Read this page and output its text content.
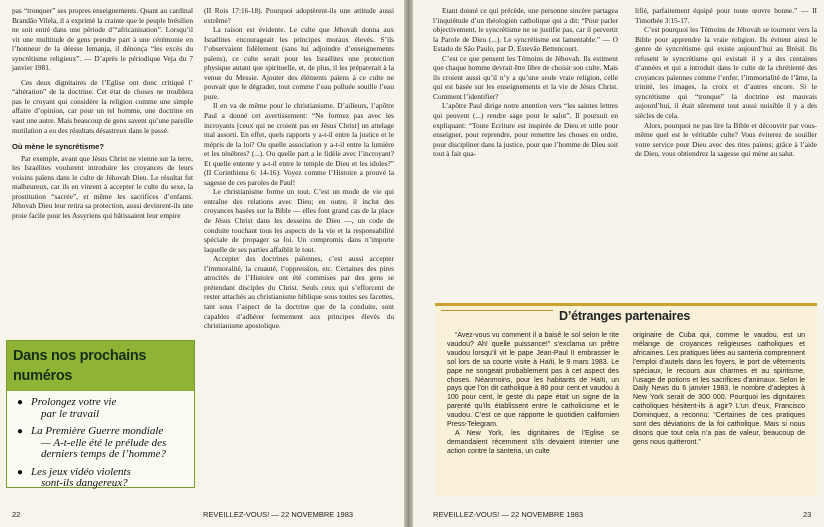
pas “tronquer” ses propres enseignements. Quant au cardinal Brandão Vilela, il a exprimé la crainte que le peuple brésilien ne soit entré dans une période d’“africanisation”. Lorsqu’il vit une multitude de gens prendre part à une cérémonie en l’honneur de la déesse Iemanja, il dénonça “les excès du syncrétisme religieux”. — D’après le périodique Veja du 7 janvier 1981.

Ces deux dignitaires de l’Eglise ont donc critiqué l’ “altération” de la doctrine. Cet état de choses ne troublera pas le croyant qui considère la religion comme une simple affaire d’opinion, car pour un tel homme, une doctrine en vaut une autre. Mais beaucoup de gens savent qu’une pareille mutilation a eu des résultats désastreux dans le passé.

Où mène le syncrétisme?

Par exemple, avant que Jésus Christ ne vienne sur la terre, les Israélites voulurent introduire les croyances de leurs voisins païens dans le culte de Jéhovah Dieu. Le résultat fut malheureux, car ils en vinrent à accepter le culte du sexe, la prostitution “sacrée”, et même les sacrifices d’enfants. Jéhovah Dieu leur retira sa protection, aussi devinrent-ils une proie facile pour les Assyriens qui bâtissaient leur empire

(II Rois 17:16-18). Pourquoi adoptèrent-ils une attitude aussi extrême?

La raison est évidente. Le culte que Jéhovah donna aux Israélites encourageait les principes moraux élevés. S’ils l’observaient fidèlement (sans lui adjoindre d’enseignements païens), ce culte serait pour les Israélites une protection physique autant que spirituelle, et, de plus, il les préparerait à la venue du Messie. Ajouter des éléments païens à ce culte ne pouvait que le dégrader, tout comme l’eau polluée souille l’eau pure.

Il en va de même pour le christianisme. D’ailleurs, l’apôtre Paul a donné cet avertissement: “Ne formez pas avec les incroyants [ceux qui ne croient pas en Jésus Christ] un attelage mal assorti. En effet, quels rapports y a-t-il entre la justice et le mépris de la loi? Ou quelle association y a-t-il entre la lumière et les ténèbres? (...). Ou quelle part a le fidèle avec l’incroyant? Et quelle entente y a-t-il entre le temple de Dieu et les idoles?” (II Corinthiens 6: 14-16). Voyez comme l’Histoire a prouvé la sagesse de ces paroles de Paul!

Le christianisme forme un tout. C’est un mode de vie qui entraîne des relations avec Dieu; en outre, il inclut des croyances basées sur la Bible — elles font grand cas de la place de Jésus Christ dans les desseins de Dieu —, un code de conduite touchant tous les aspects de la vie et la responsabilité spéciale de propager sa foi. Un compromis dans n’importe laquelle de ses parties affaiblit le tout.

Accepter des doctrines païennes, c’est aussi accepter l’immoralité, la cruauté, l’oppression, etc. Certaines des pires atrocités de l’Histoire ont été commises par des gens se prétendant disciples du Christ. Seuls ceux qui s’efforcent de rester attachés au christianisme biblique sous toutes ses facettes, tant sous l’aspect de la doctrine que de la conduite, sont capables d’adhérer fermement aux principes élevés du christianisme apostolique.

Dans nos prochains numéros
● Prolongez votre vie
par le travail
● La Première Guerre mondiale
— A-t-elle été le prélude des derniers temps de l’homme?
● Les jeux vidéo violents
sont-ils dangereux?
22	REVEILLEZ-VOUS! — 22 NOVEMBRE 1983

Etant donné ce qui précède, une personne sincère partagea l’inquiétude d’un théologien catholique qui a dit: “Pour parler objectivement, le syncrétisme ne se justifie pas, car il pervertit la Parole de Dieu (...). Le syncrétisme est lamentable.” — O Estado de São Paulo, par D. Estevão Bettencourt.

C’est ce que pensent les Témoins de Jéhovah. Ils estiment que chaque homme devrait être libre de choisir son culte. Mais ils croient aussi qu’il n’y a qu’une seule vraie religion, celle qui est basée sur les enseignements et la vie de Jésus Christ. Comment l’identifier?

L’apôtre Paul dirige notre attention vers “les saintes lettres qui peuvent (...) rendre sage pour le salut”. Il poursuit en expliquant: “Toute Ecriture est inspirée de Dieu et utile pour enseigner, pour reprendre, pour remettre les choses en ordre, pour discipliner dans la justice, pour que l’homme de Dieu soit tout à fait qua-

lifié, parfaitement équipé pour toute œuvre bonne.” — II Timothée 3:15-17.

C’est pourquoi les Témoins de Jéhovah se tournent vers la Bible pour apprendre la vraie religion. Ils évitent ainsi le genre de syncrétisme qui existe aujourd’hui au Brésil. Ils refusent le syncrétisme qui existait il y a des centaines d’années et qui a introduit dans le culte de la chrétienté des croyances païennes comme l’enfer, l’immortalité de l’âme, la trinité, les images, la croix et d’autres encore. Si le syncrétisme qui “tronque” la doctrine est mauvais aujourd’hui, il était sûrement tout aussi nuisible il y a des siècles de cela.

Alors, pourquoi ne pas lire la Bible et découvrir par vous-même quel est le véritable culte? Vous éviterez de souiller votre service pour Dieu avec des rites païens; grâce à l’aide de Dieu, vous obtiendrez la sagesse qui mène au salut.

D’étranges partenaires

“Avez-vous vu comment il a baisé le sol selon le rite vaudou? Ah! quelle puissance!” s’exclama un prêtre vaudou lorsqu’il vit le pape Jean-Paul II embrasser le sol lors de sa courte visite à Haïti, le 9 mars 1983. Le pape ne songeait probablement pas à cet aspect des choses. Néanmoins, pour les habitants de Haïti, un pays que l’on dit catholique à 80 pour cent et vaudou à 100 pour cent, le geste du pape était un signe de la parenté qu’ils établissent entre le catholicisme et le vaudou. C’est ce que rapporte le quotidien californien Press-Telegram.

A New York, les dignitaires de l’Eglise se demandaient récemment s’ils devaient intenter une action contre la santeria, un culte

originaire de Cuba qui, comme le vaudou, est un mélange de croyances religieuses catholiques et africaines. Les pratiques liées au santeria comprennent l’emploi d’autels dans les foyers, le port de vêtements spéciaux, le recours aux charmes et au spiritisme, l’usage de potions et les sacrifices d’animaux. Selon le Daily News du 6 janvier 1983, le nombre d’adeptes à New York serait de 300 000. Pourquoi les dignitaires catholiques hésitent-ils à agir? L’un d’eux, Francisco Dominquez, a reconnu: “Certaines de ces pratiques sont des déviations de la foi catholique. Mais si nous disons que tout cela n’a pas de valeur, beaucoup de gens nous quitteront.”

REVEILLEZ-VOUS! — 22 NOVEMBRE 1983	23
